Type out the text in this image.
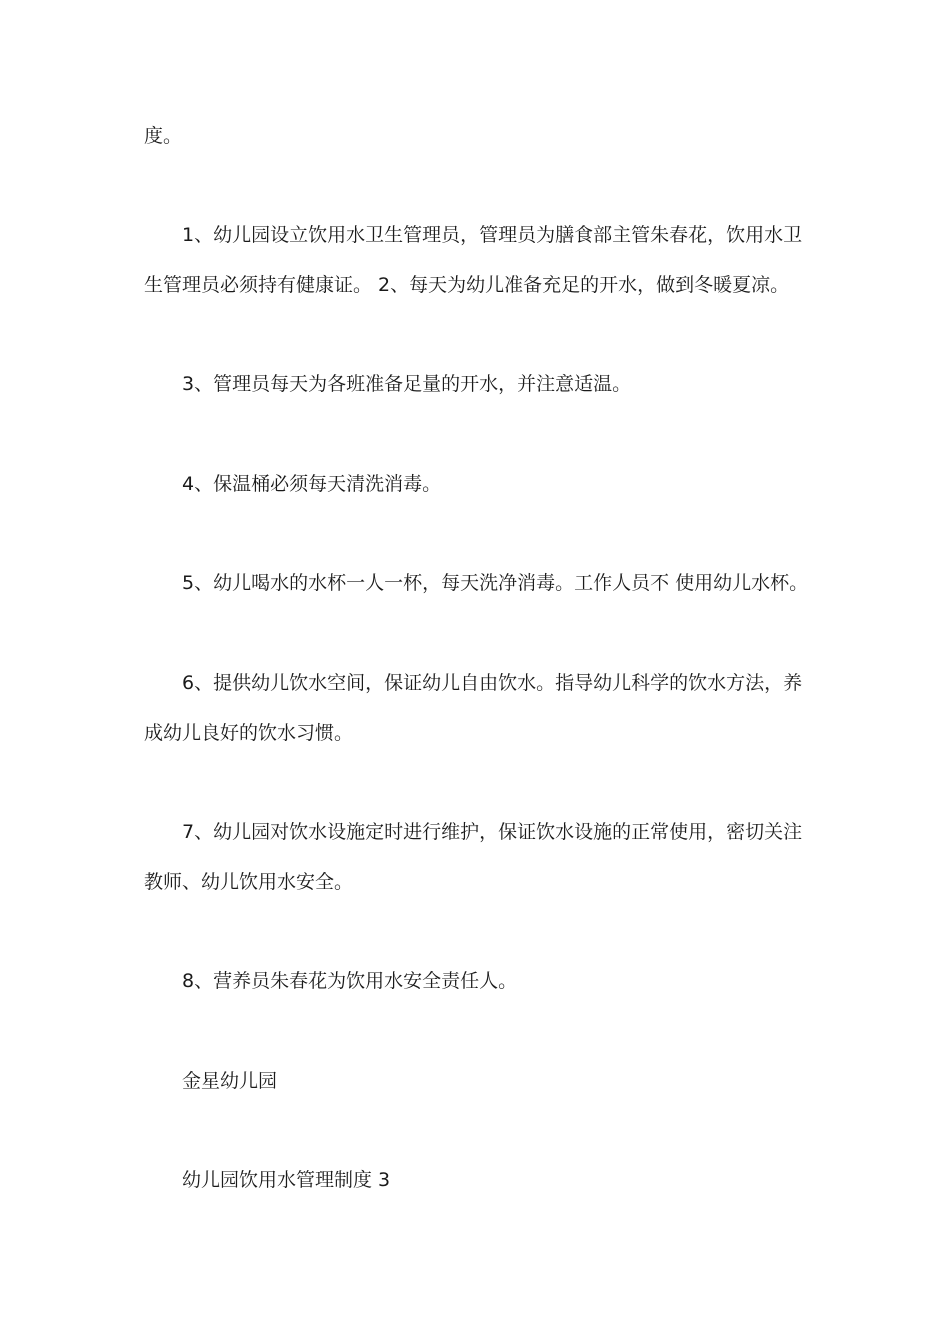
度。
1、幼儿园设立饮用水卫生管理员，管理员为膳食部主管朱春花，饮用水卫
生管理员必须持有健康证。 2、每天为幼儿准备充足的开水，做到冬暖夏凉。
3、管理员每天为各班准备足量的开水，并注意适温。
4、保温桶必须每天清洗消毒。
5、幼儿喝水的水杯一人一杯，每天洗净消毒。工作人员不 使用幼儿水杯。
6、提供幼儿饮水空间，保证幼儿自由饮水。指导幼儿科学的饮水方法，养
成幼儿良好的饮水习惯。
7、幼儿园对饮水设施定时进行维护，保证饮水设施的正常使用，密切关注
教师、幼儿饮用水安全。
8、营养员朱春花为饮用水安全责任人。
金星幼儿园
幼儿园饮用水管理制度 3
